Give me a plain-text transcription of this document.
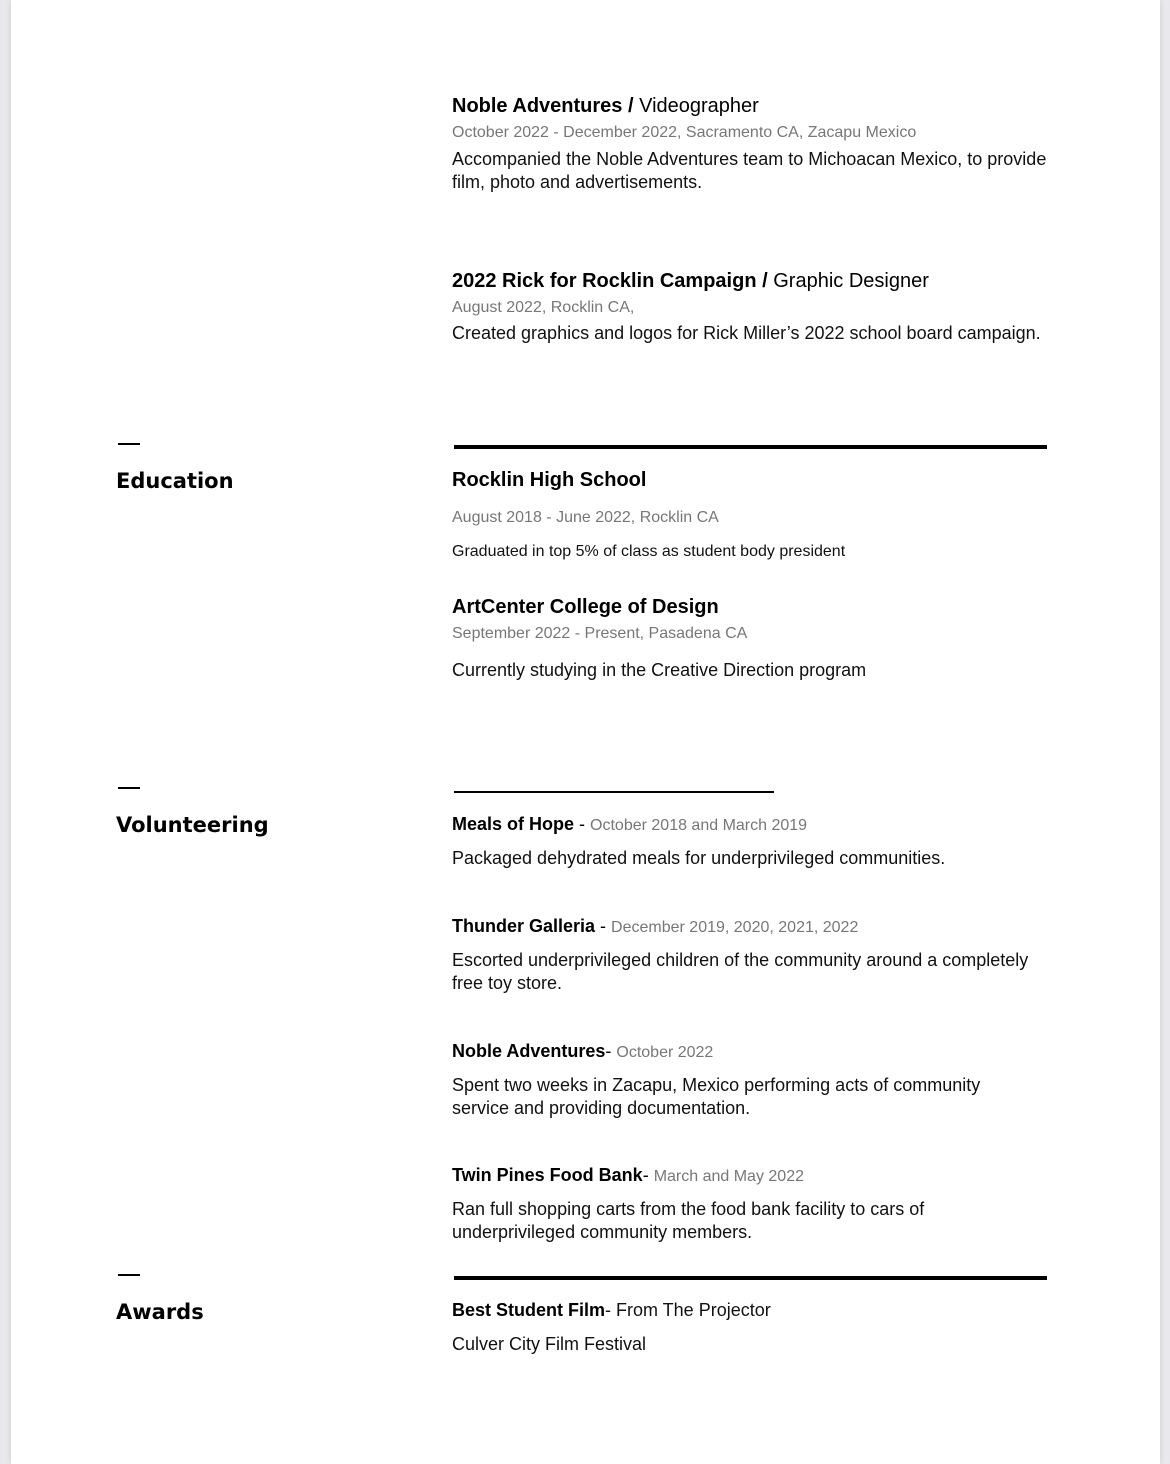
Noble Adventures / Videographer
October 2022 - December 2022, Sacramento CA, Zacapu Mexico
Accompanied the Noble Adventures team to Michoacan Mexico, to provide film, photo and advertisements.
2022 Rick for Rocklin Campaign / Graphic Designer
August 2022, Rocklin CA,
Created graphics and logos for Rick Miller’s 2022 school board campaign.
Education	Rocklin High School
August 2018 - June 2022, Rocklin CA
Graduated in top 5% of class as student body president
ArtCenter College of Design
September 2022 - Present, Pasadena CA
Currently studying in the Creative Direction program
Volunteering	Meals of Hope - October 2018 and March 2019
Packaged dehydrated meals for underprivileged communities.
Thunder Galleria - December 2019, 2020, 2021, 2022
Escorted underprivileged children of the community around a completely free toy store.
Noble Adventures- October 2022
Spent two weeks in Zacapu, Mexico performing acts of community service and providing documentation.
Twin Pines Food Bank- March and May 2022
Ran full shopping carts from the food bank facility to cars of underprivileged community members.
Awards	Best Student Film- From The Projector
Culver City Film Festival
